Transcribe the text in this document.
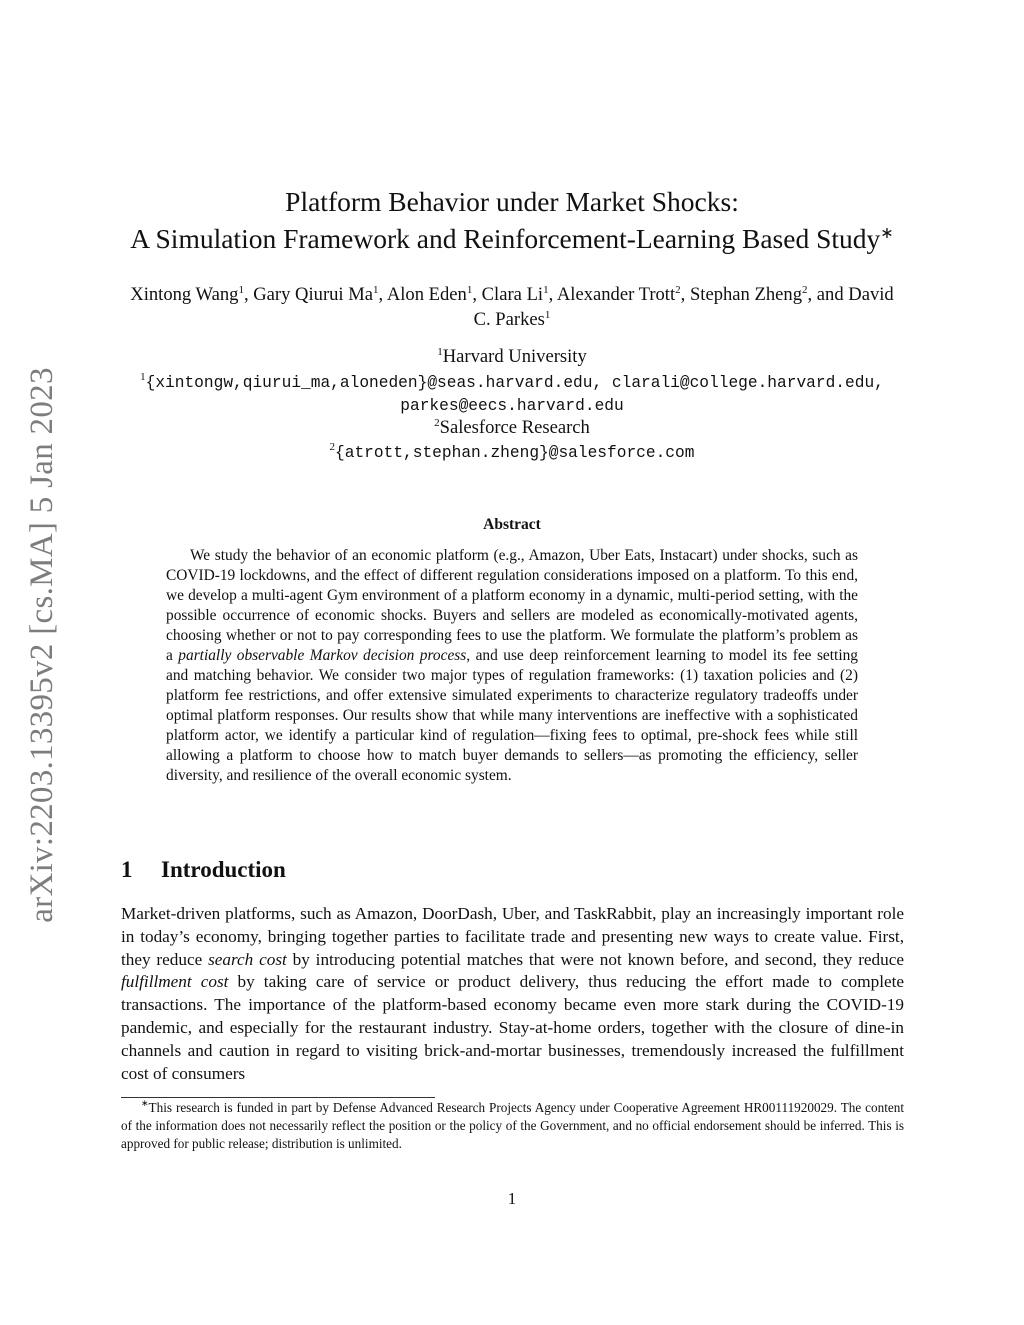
arXiv:2203.13395v2 [cs.MA] 5 Jan 2023
Platform Behavior under Market Shocks:
A Simulation Framework and Reinforcement-Learning Based Study∗
Xintong Wang$^1$, Gary Qiurui Ma$^1$, Alon Eden$^1$, Clara Li$^1$, Alexander Trott$^2$, Stephan Zheng$^2$, and David C. Parkes$^1$
$^1$Harvard University
$^1${xintongw,qiurui_ma,aloneden}@seas.harvard.edu, clarali@college.harvard.edu,
parkes@eecs.harvard.edu
$^2$Salesforce Research
$^2${atrott,stephan.zheng}@salesforce.com
Abstract
We study the behavior of an economic platform (e.g., Amazon, Uber Eats, Instacart) under shocks, such as COVID-19 lockdowns, and the effect of different regulation considerations imposed on a platform. To this end, we develop a multi-agent Gym environment of a platform economy in a dynamic, multi-period setting, with the possible occurrence of economic shocks. Buyers and sellers are modeled as economically-motivated agents, choosing whether or not to pay corresponding fees to use the platform. We formulate the platform’s problem as a partially observable Markov decision process, and use deep reinforcement learning to model its fee setting and matching behavior. We consider two major types of regulation frameworks: (1) taxation policies and (2) platform fee restrictions, and offer extensive simulated experiments to characterize regulatory tradeoffs under optimal platform responses. Our results show that while many interventions are ineffective with a sophisticated platform actor, we identify a particular kind of regulation—fixing fees to optimal, pre-shock fees while still allowing a platform to choose how to match buyer demands to sellers—as promoting the efficiency, seller diversity, and resilience of the overall economic system.
1 Introduction
Market-driven platforms, such as Amazon, DoorDash, Uber, and TaskRabbit, play an increasingly important role in today’s economy, bringing together parties to facilitate trade and presenting new ways to create value. First, they reduce search cost by introducing potential matches that were not known before, and second, they reduce fulfillment cost by taking care of service or product delivery, thus reducing the effort made to complete transactions. The importance of the platform-based economy became even more stark during the COVID-19 pandemic, and especially for the restaurant industry. Stay-at-home orders, together with the closure of dine-in channels and caution in regard to visiting brick-and-mortar businesses, tremendously increased the fulfillment cost of consumers
∗This research is funded in part by Defense Advanced Research Projects Agency under Cooperative Agreement HR00111920029. The content of the information does not necessarily reflect the position or the policy of the Government, and no official endorsement should be inferred. This is approved for public release; distribution is unlimited.
1
